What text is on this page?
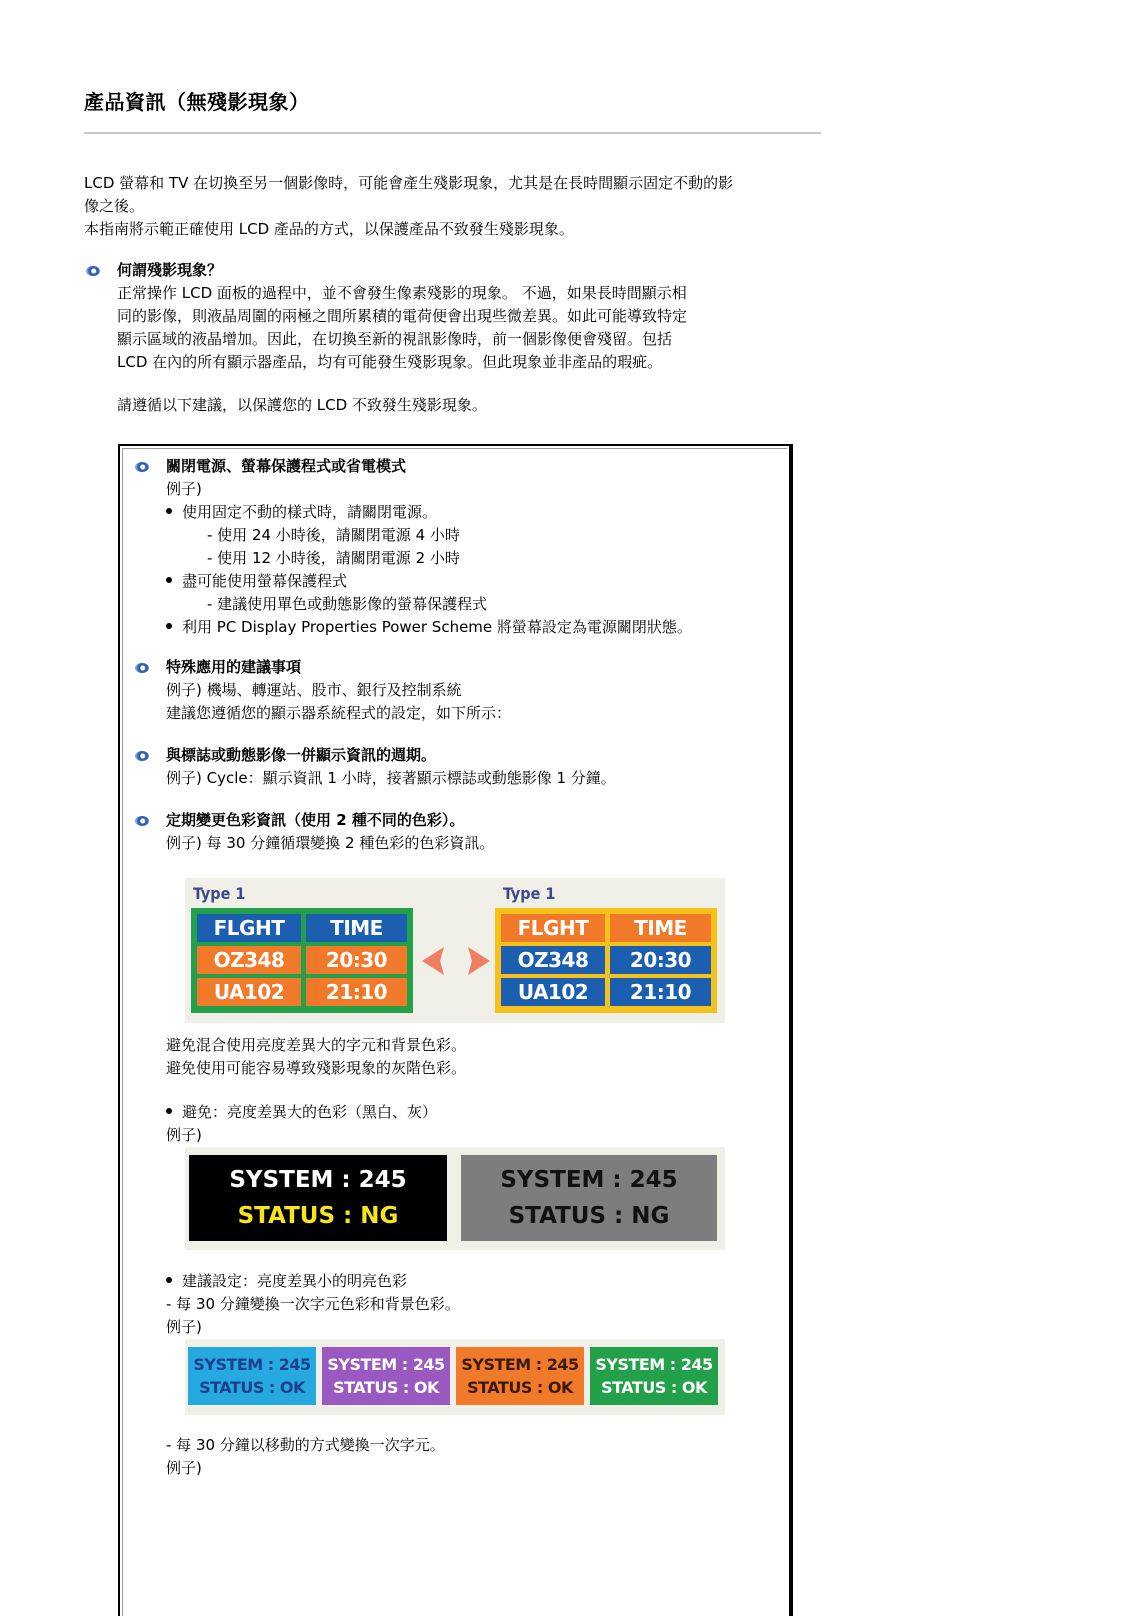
產品資訊（無殘影現象）
LCD 螢幕和 TV 在切換至另一個影像時，可能會產生殘影現象，尤其是在長時間顯示固定不動的影
像之後。
本指南將示範正確使用 LCD 產品的方式，以保護產品不致發生殘影現象。
何謂殘影現象？
正常操作 LCD 面板的過程中，並不會發生像素殘影的現象。 不過，如果長時間顯示相
同的影像，則液晶周圍的兩極之間所累積的電荷便會出現些微差異。如此可能導致特定
顯示區域的液晶增加。因此，在切換至新的視訊影像時，前一個影像便會殘留。包括
LCD 在內的所有顯示器產品，均有可能發生殘影現象。但此現象並非產品的瑕疵。
請遵循以下建議，以保護您的 LCD 不致發生殘影現象。
關閉電源、螢幕保護程式或省電模式
例子)
使用固定不動的樣式時，請關閉電源。
- 使用 24 小時後，請關閉電源 4 小時
- 使用 12 小時後，請關閉電源 2 小時
盡可能使用螢幕保護程式
- 建議使用單色或動態影像的螢幕保護程式
利用 PC Display Properties Power Scheme 將螢幕設定為電源關閉狀態。
特殊應用的建議事項
例子) 機場、轉運站、股市、銀行及控制系統
建議您遵循您的顯示器系統程式的設定，如下所示：
與標誌或動態影像一併顯示資訊的週期。
例子) Cycle：顯示資訊 1 小時，接著顯示標誌或動態影像 1 分鐘。
定期變更色彩資訊（使用 2 種不同的色彩）。
例子) 每 30 分鐘循環變換 2 種色彩的色彩資訊。
Type 1	Type 1
FLGHT	TIME
OZ348	20:30
UA102	21:10
FLGHT	TIME
OZ348	20:30
UA102	21:10
避免混合使用亮度差異大的字元和背景色彩。
避免使用可能容易導致殘影現象的灰階色彩。
避免：亮度差異大的色彩（黑白、灰）
例子)
SYSTEM : 245
STATUS : NG
SYSTEM : 245
STATUS : NG
建議設定：亮度差異小的明亮色彩
- 每 30 分鐘變換一次字元色彩和背景色彩。
例子)
SYSTEM : 245
STATUS : OK
SYSTEM : 245
STATUS : OK
SYSTEM : 245
STATUS : OK
SYSTEM : 245
STATUS : OK
- 每 30 分鐘以移動的方式變換一次字元。
例子)
